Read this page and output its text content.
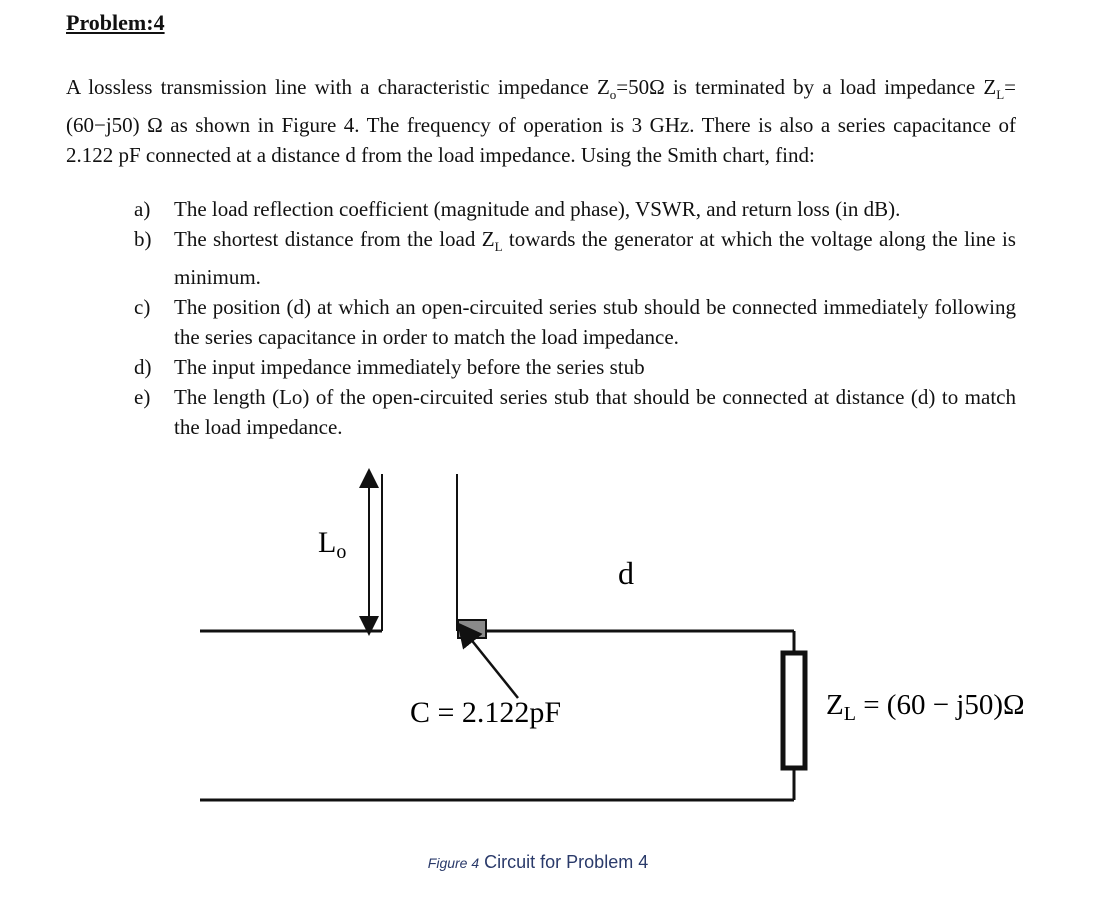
Problem:4

A lossless transmission line with a characteristic impedance $Z_o=50\Omega$ is terminated by a load impedance $Z_L=(60-j50)$ Ω as shown in Figure 4. The frequency of operation is 3 GHz. There is also a series capacitance of 2.122 pF connected at a distance d from the load impedance. Using the Smith chart, find:

a)	The load reflection coefficient (magnitude and phase), VSWR, and return loss (in dB).
b)	The shortest distance from the load $Z_L$ towards the generator at which the voltage along the line is minimum.
c)	The position (d) at which an open-circuited series stub should be connected immediately following the series capacitance in order to match the load impedance.
d)	The input impedance immediately before the series stub
e)	The length (Lo) of the open-circuited series stub that should be connected at distance (d) to match the load impedance.
$L_o$
d
C = 2.122pF	$Z_L = (60 - j50)\Omega$
Figure 4 Circuit for Problem 4
